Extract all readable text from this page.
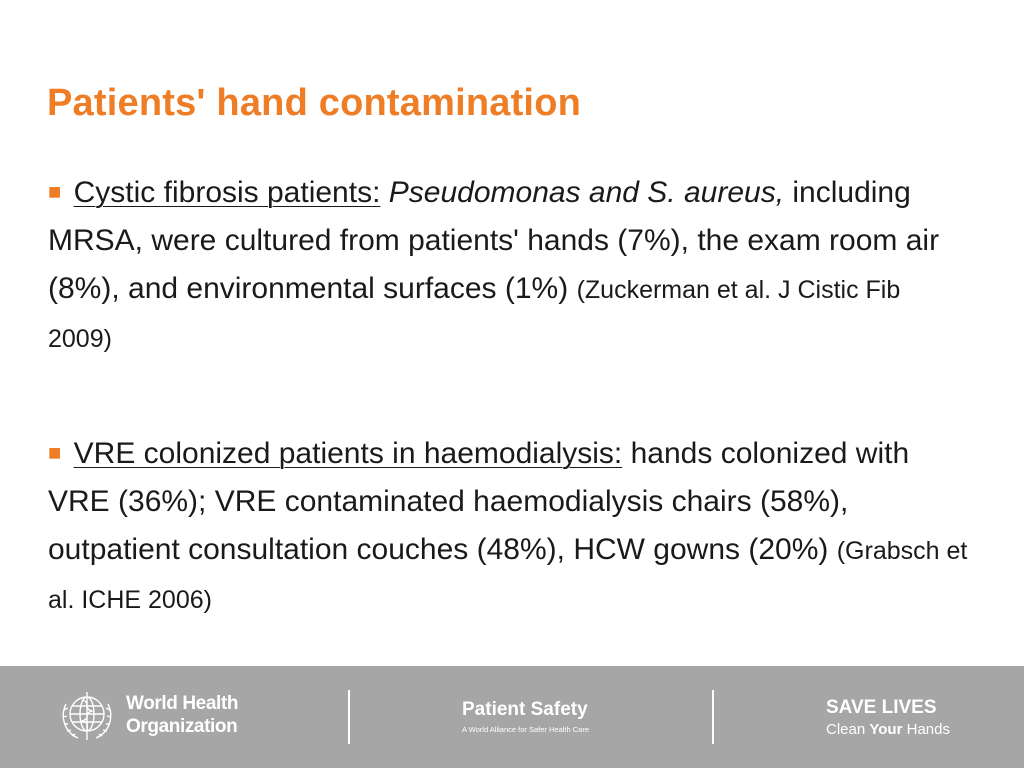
Patients' hand contamination

■ Cystic fibrosis patients: Pseudomonas and S. aureus, including MRSA, were cultured from patients' hands (7%), the exam room air (8%), and environmental surfaces (1%) (Zuckerman et al. J Cistic Fib 2009)

■ VRE colonized patients in haemodialysis: hands colonized with VRE (36%); VRE contaminated haemodialysis chairs (58%), outpatient consultation couches (48%), HCW gowns (20%) (Grabsch et al. ICHE 2006)

World Health
Organization
Patient Safety
A World Alliance for Safer Health Care
SAVE LIVES
Clean Your Hands
